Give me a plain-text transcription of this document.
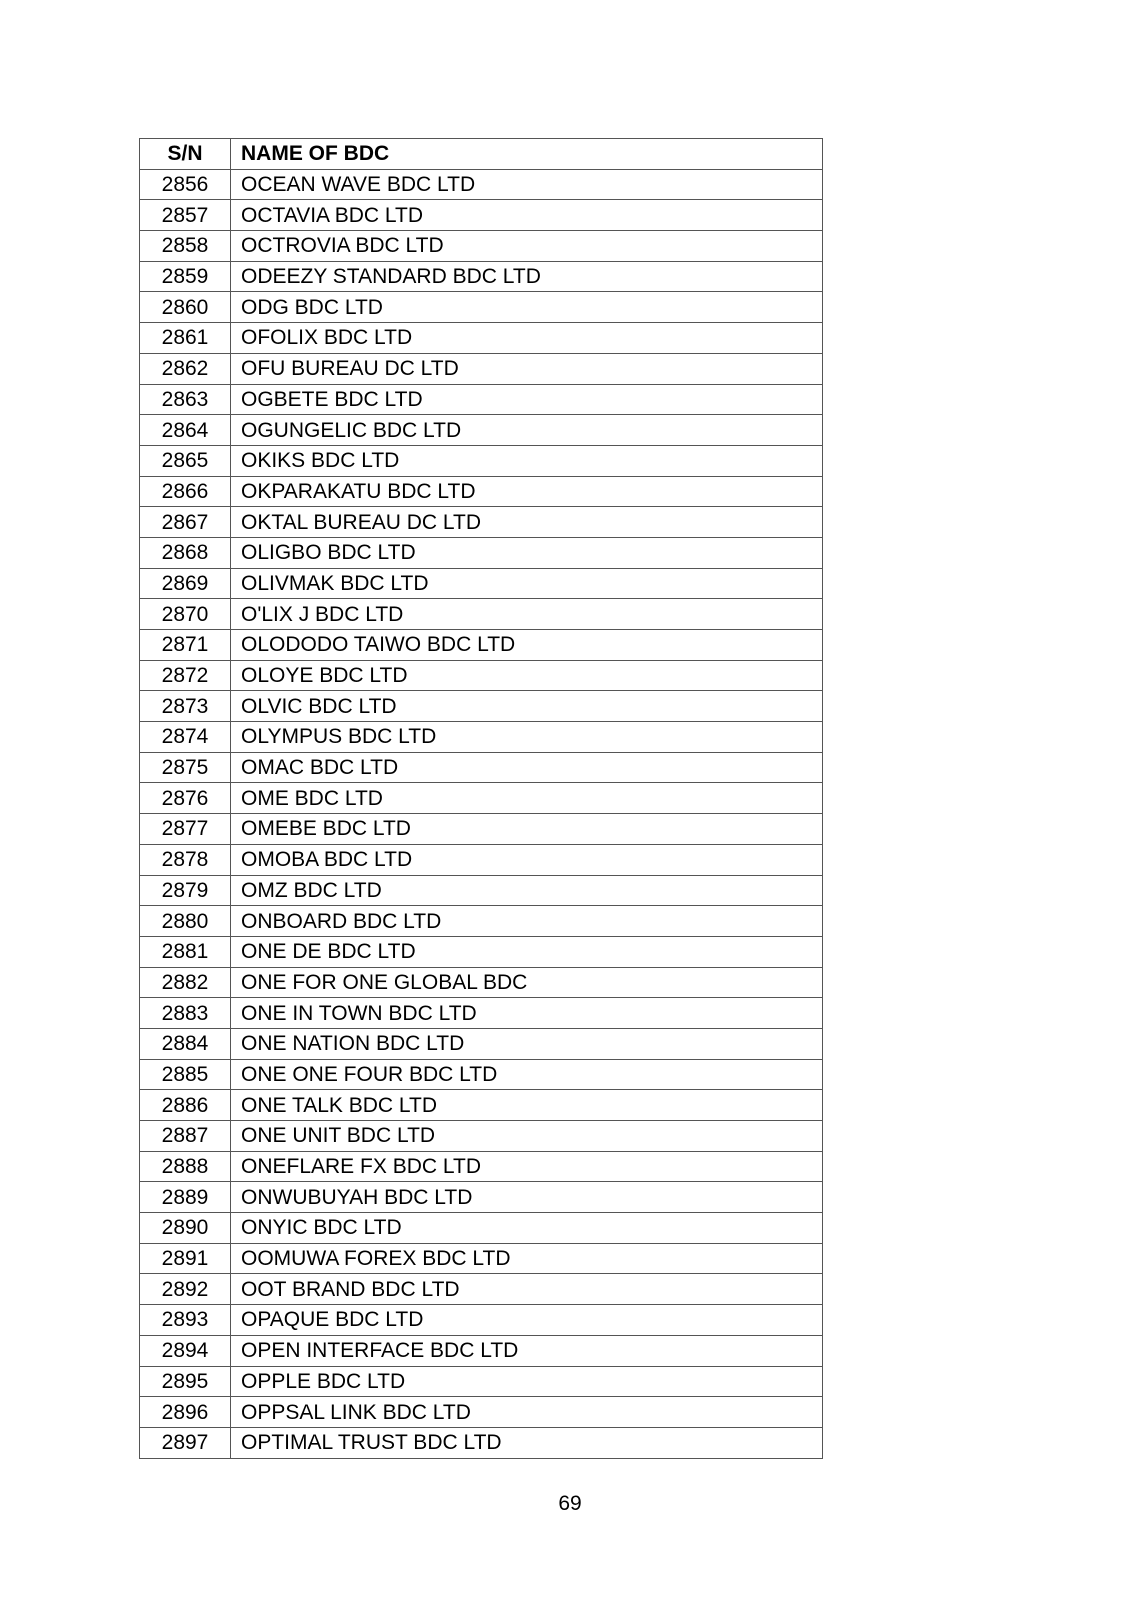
S/N	NAME OF BDC
2856	OCEAN WAVE BDC LTD
2857	OCTAVIA BDC LTD
2858	OCTROVIA BDC LTD
2859	ODEEZY STANDARD BDC LTD
2860	ODG BDC LTD
2861	OFOLIX BDC LTD
2862	OFU BUREAU DC LTD
2863	OGBETE BDC LTD
2864	OGUNGELIC BDC LTD
2865	OKIKS BDC LTD
2866	OKPARAKATU BDC LTD
2867	OKTAL BUREAU DC LTD
2868	OLIGBO BDC LTD
2869	OLIVMAK BDC LTD
2870	O'LIX J BDC LTD
2871	OLODODO TAIWO BDC LTD
2872	OLOYE BDC LTD
2873	OLVIC BDC LTD
2874	OLYMPUS BDC LTD
2875	OMAC BDC LTD
2876	OME BDC LTD
2877	OMEBE BDC LTD
2878	OMOBA BDC LTD
2879	OMZ BDC LTD
2880	ONBOARD BDC LTD
2881	ONE DE BDC LTD
2882	ONE FOR ONE GLOBAL BDC
2883	ONE IN TOWN BDC LTD
2884	ONE NATION BDC LTD
2885	ONE ONE FOUR BDC LTD
2886	ONE TALK BDC LTD
2887	ONE UNIT BDC LTD
2888	ONEFLARE FX BDC LTD
2889	ONWUBUYAH BDC LTD
2890	ONYIC BDC LTD
2891	OOMUWA FOREX BDC LTD
2892	OOT BRAND BDC LTD
2893	OPAQUE BDC LTD
2894	OPEN INTERFACE BDC LTD
2895	OPPLE BDC LTD
2896	OPPSAL LINK BDC LTD
2897	OPTIMAL TRUST BDC LTD
69
